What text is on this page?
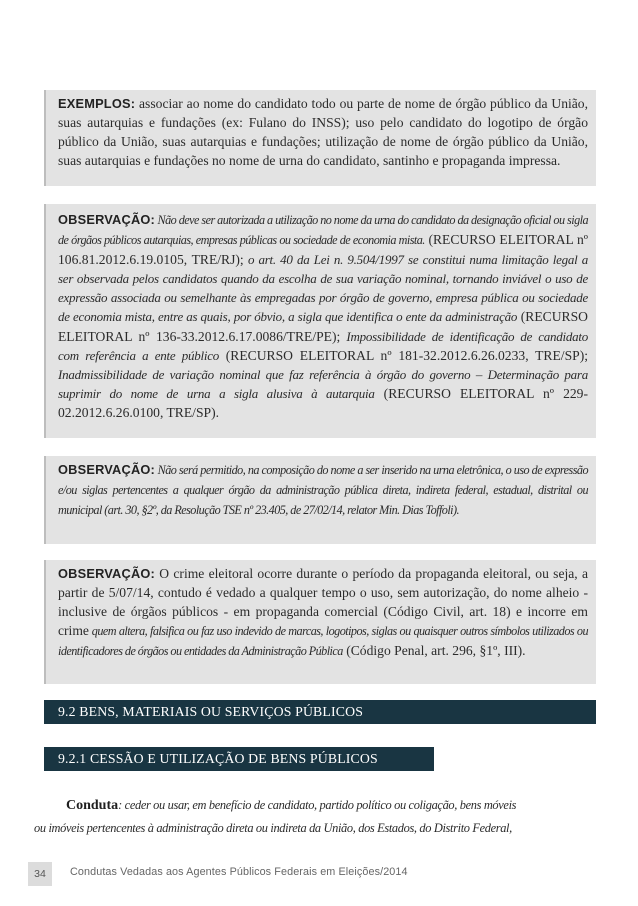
EXEMPLOS: associar ao nome do candidato todo ou parte de nome de órgão público da União, suas autarquias e fundações (ex: Fulano do INSS); uso pelo candidato do logotipo de órgão público da União, suas autarquias e fundações; utilização de nome de órgão público da União, suas autarquias e fundações no nome de urna do candidato, santinho e propaganda impressa.

OBSERVAÇÃO: Não deve ser autorizada a utilização no nome da urna do candidato da designação oficial ou sigla de órgãos públicos autarquias, empresas públicas ou sociedade de economia mista. (RECURSO ELEITORAL nº 106.81.2012.6.19.0105, TRE/RJ); o art. 40 da Lei n. 9.504/1997 se constitui numa limitação legal a ser observada pelos candidatos quando da escolha de sua variação nominal, tornando inviável o uso de expressão associada ou semelhante às empregadas por órgão de governo, empresa pública ou sociedade de economia mista, entre as quais, por óbvio, a sigla que identifica o ente da administração (RECURSO ELEITORAL nº 136-33.2012.6.17.0086/TRE/PE); Impossibilidade de identificação de candidato com referência a ente público (RECURSO ELEITORAL nº 181-32.2012.6.26.0233, TRE/SP); Inadmissibilidade de variação nominal que faz referência à órgão do governo – Determinação para suprimir do nome de urna a sigla alusiva à autarquia (RECURSO ELEITORAL nº 229-02.2012.6.26.0100, TRE/SP).

OBSERVAÇÃO: Não será permitido, na composição do nome a ser inserido na urna eletrônica, o uso de expressão e/ou siglas pertencentes a qualquer órgão da administração pública direta, indireta federal, estadual, distrital ou municipal (art. 30, §2º, da Resolução TSE nº 23.405, de 27/02/14, relator Min. Dias Toffoli).

OBSERVAÇÃO: O crime eleitoral ocorre durante o período da propaganda eleitoral, ou seja, a partir de 5/07/14, contudo é vedado a qualquer tempo o uso, sem autorização, do nome alheio - inclusive de órgãos públicos - em propaganda comercial (Código Civil, art. 18) e incorre em crime quem altera, falsifica ou faz uso indevido de marcas, logotipos, siglas ou quaisquer outros símbolos utilizados ou identificadores de órgãos ou entidades da Administração Pública (Código Penal, art. 296, §1º, III).

9.2 BENS, MATERIAIS OU SERVIÇOS PÚBLICOS
9.2.1 CESSÃO E UTILIZAÇÃO DE BENS PÚBLICOS
Conduta: ceder ou usar, em benefício de candidato, partido político ou coligação, bens móveis
ou imóveis pertencentes à administração direta ou indireta da União, dos Estados, do Distrito Federal,
34	Condutas Vedadas aos Agentes Públicos Federais em Eleições/2014
